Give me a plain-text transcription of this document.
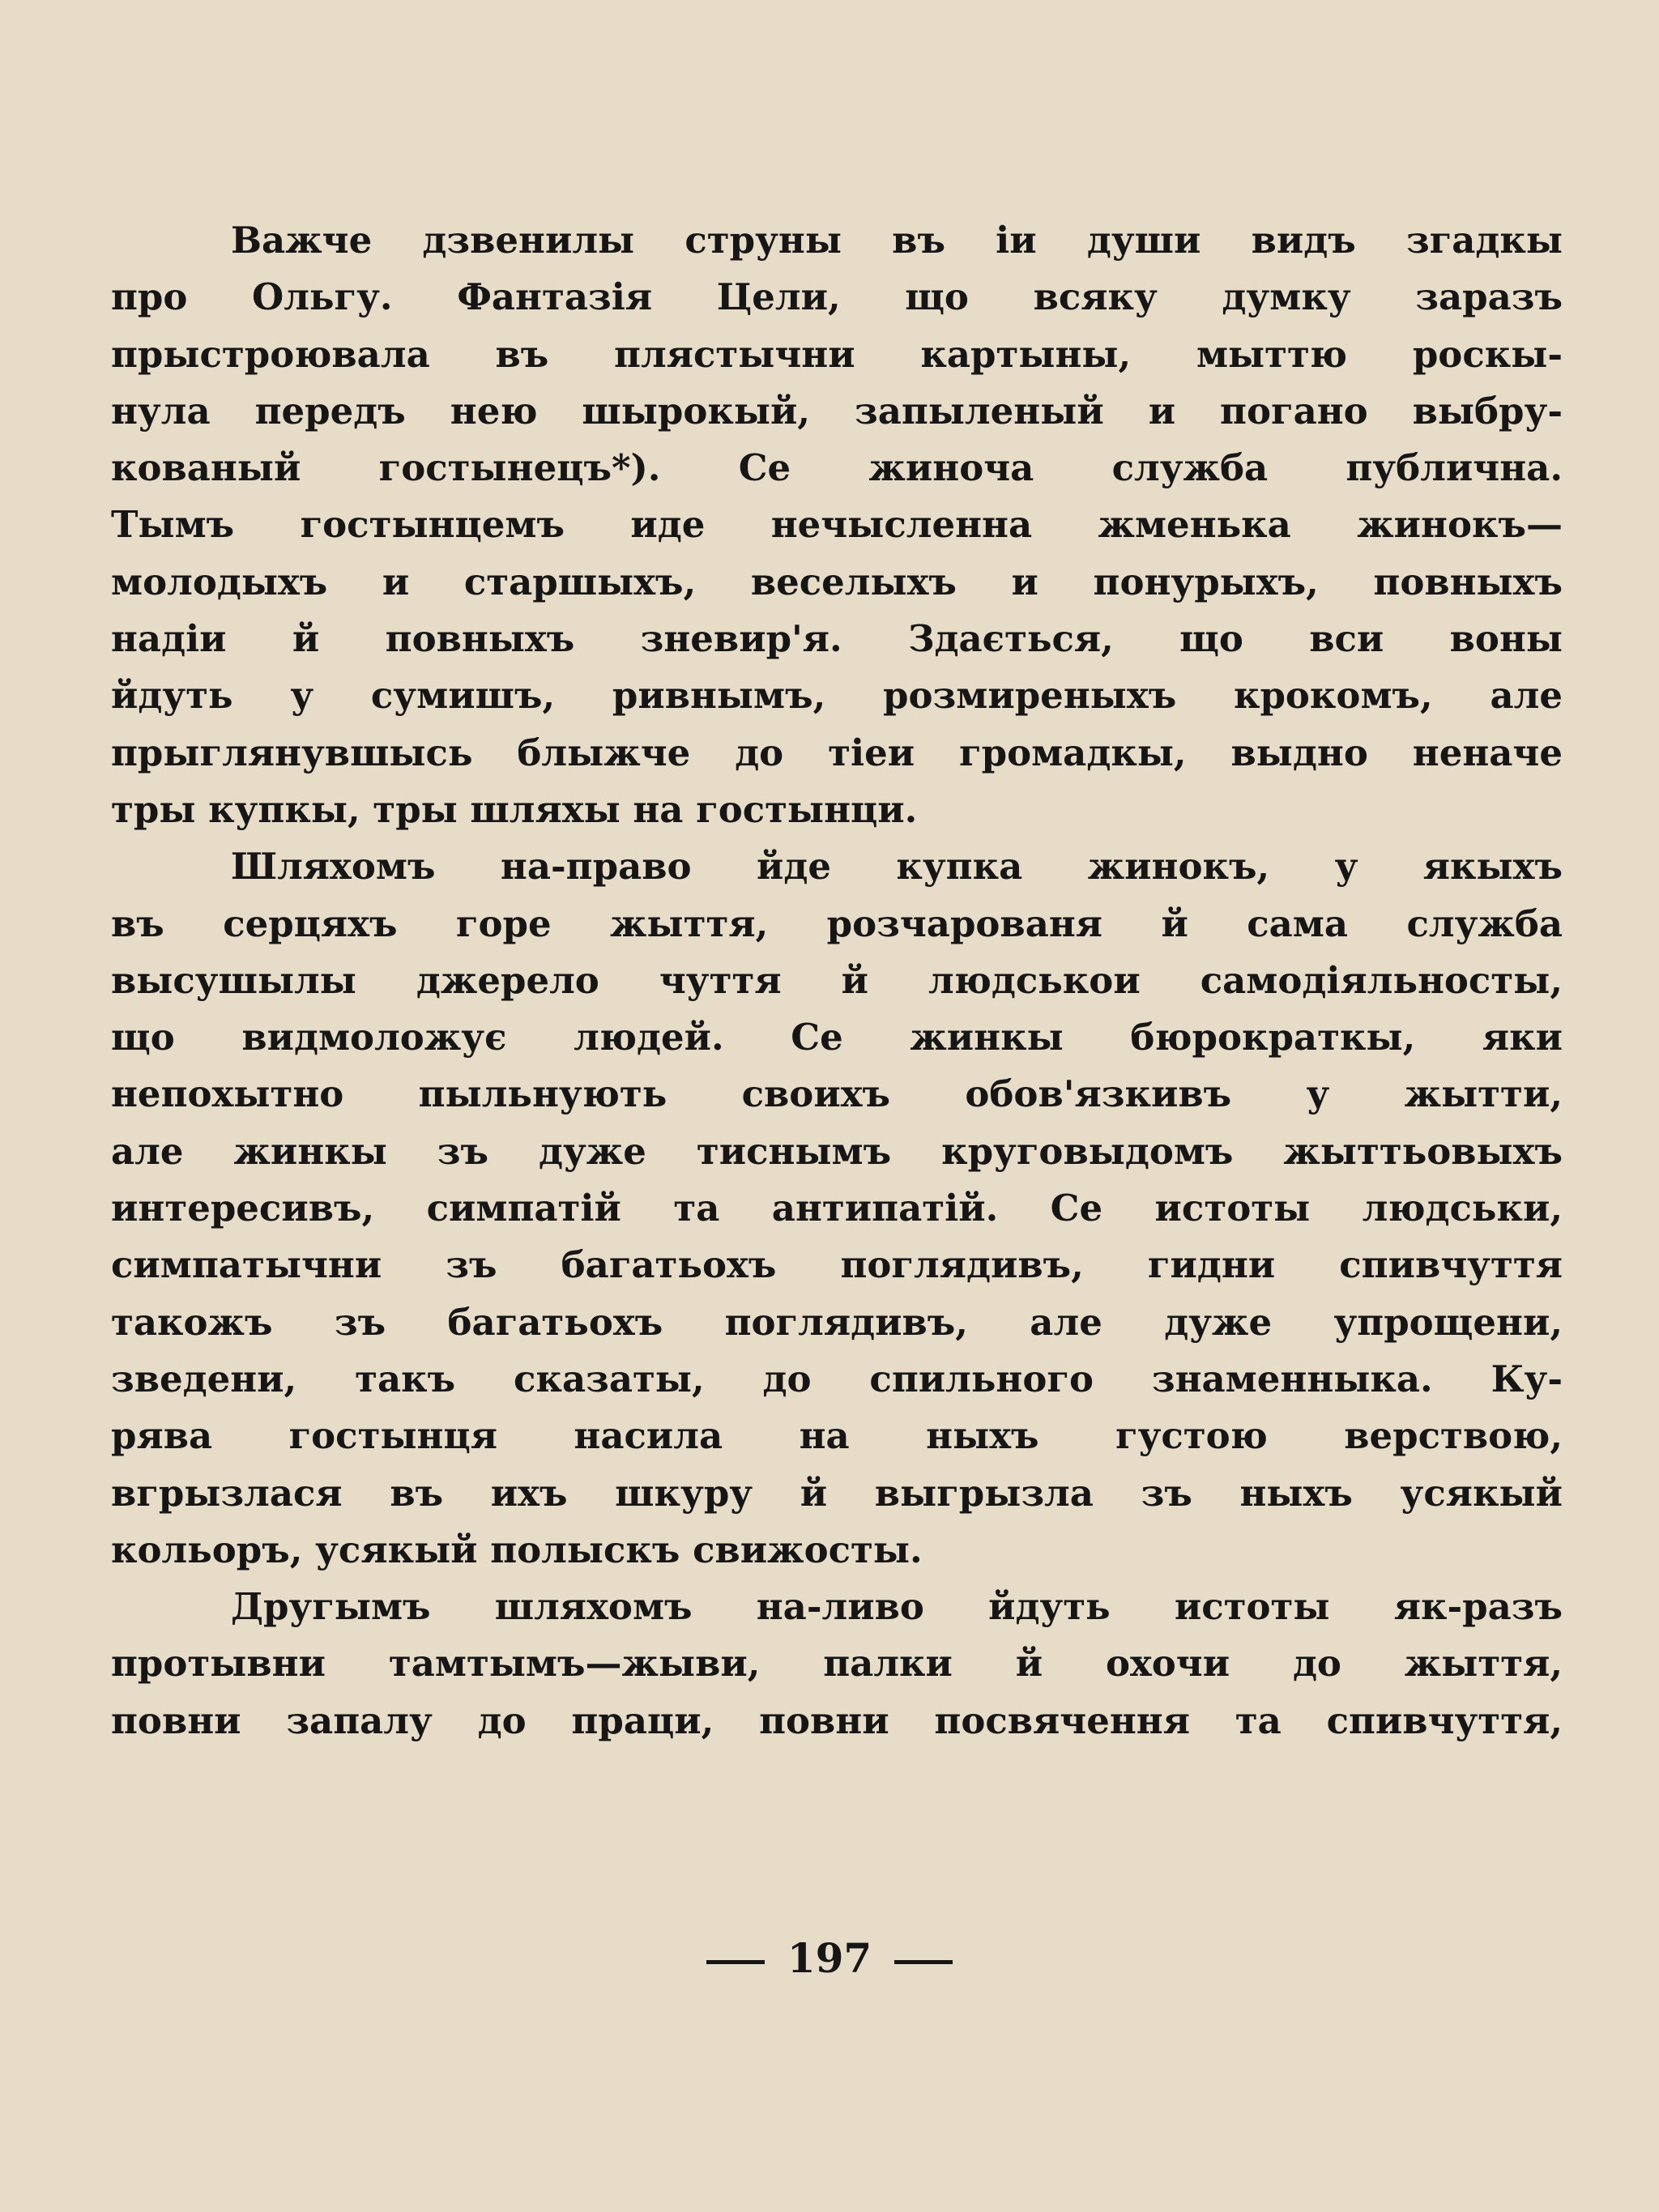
Важче дзвенилы струны въ іи души видъ згадкы
про Ольгу. Фантазія Цели, що всяку думку заразъ
прыстроювала въ плястычни картыны, мыттю роскы-
нула передъ нею шырокый, запыленый и погано выбру-
кованый гостынецъ*). Се жиноча служба публична.
Тымъ гостынцемъ иде нечысленна жменька жинокъ—
молодыхъ и старшыхъ, веселыхъ и понурыхъ, повныхъ
надіи й повныхъ зневир'я. Здається, що вси воны
йдуть у сумишъ, ривнымъ, розмиреныхъ крокомъ, але
прыглянувшысь блыжче до тіеи громадкы, выдно неначе
тры купкы, тры шляхы на гостынци.
Шляхомъ на-право йде купка жинокъ, у якыхъ
въ серцяхъ горе жыття, розчарованя й сама служба
высушылы джерело чуття й людськои самодіяльносты,
що видмоложує людей. Се жинкы бюрократкы, яки
непохытно пыльнують своихъ обов'язкивъ у жытти,
але жинкы зъ дуже тиснымъ круговыдомъ жыттьовыхъ
интересивъ, симпатій та антипатій. Се истоты людськи,
симпатычни зъ багатьохъ поглядивъ, гидни спивчуття
такожъ зъ багатьохъ поглядивъ, але дуже упрощени,
зведени, такъ сказаты, до спильного знаменныка. Ку-
рява гостынця насила на ныхъ густою верствою,
вгрызлася въ ихъ шкуру й выгрызла зъ ныхъ усякый
кольоръ, усякый полыскъ свижосты.
Другымъ шляхомъ на-ливо йдуть истоты як-разъ
протывни тамтымъ—жыви, палки й охочи до жыття,
повни запалу до праци, повни посвячення та спивчуття,
197
